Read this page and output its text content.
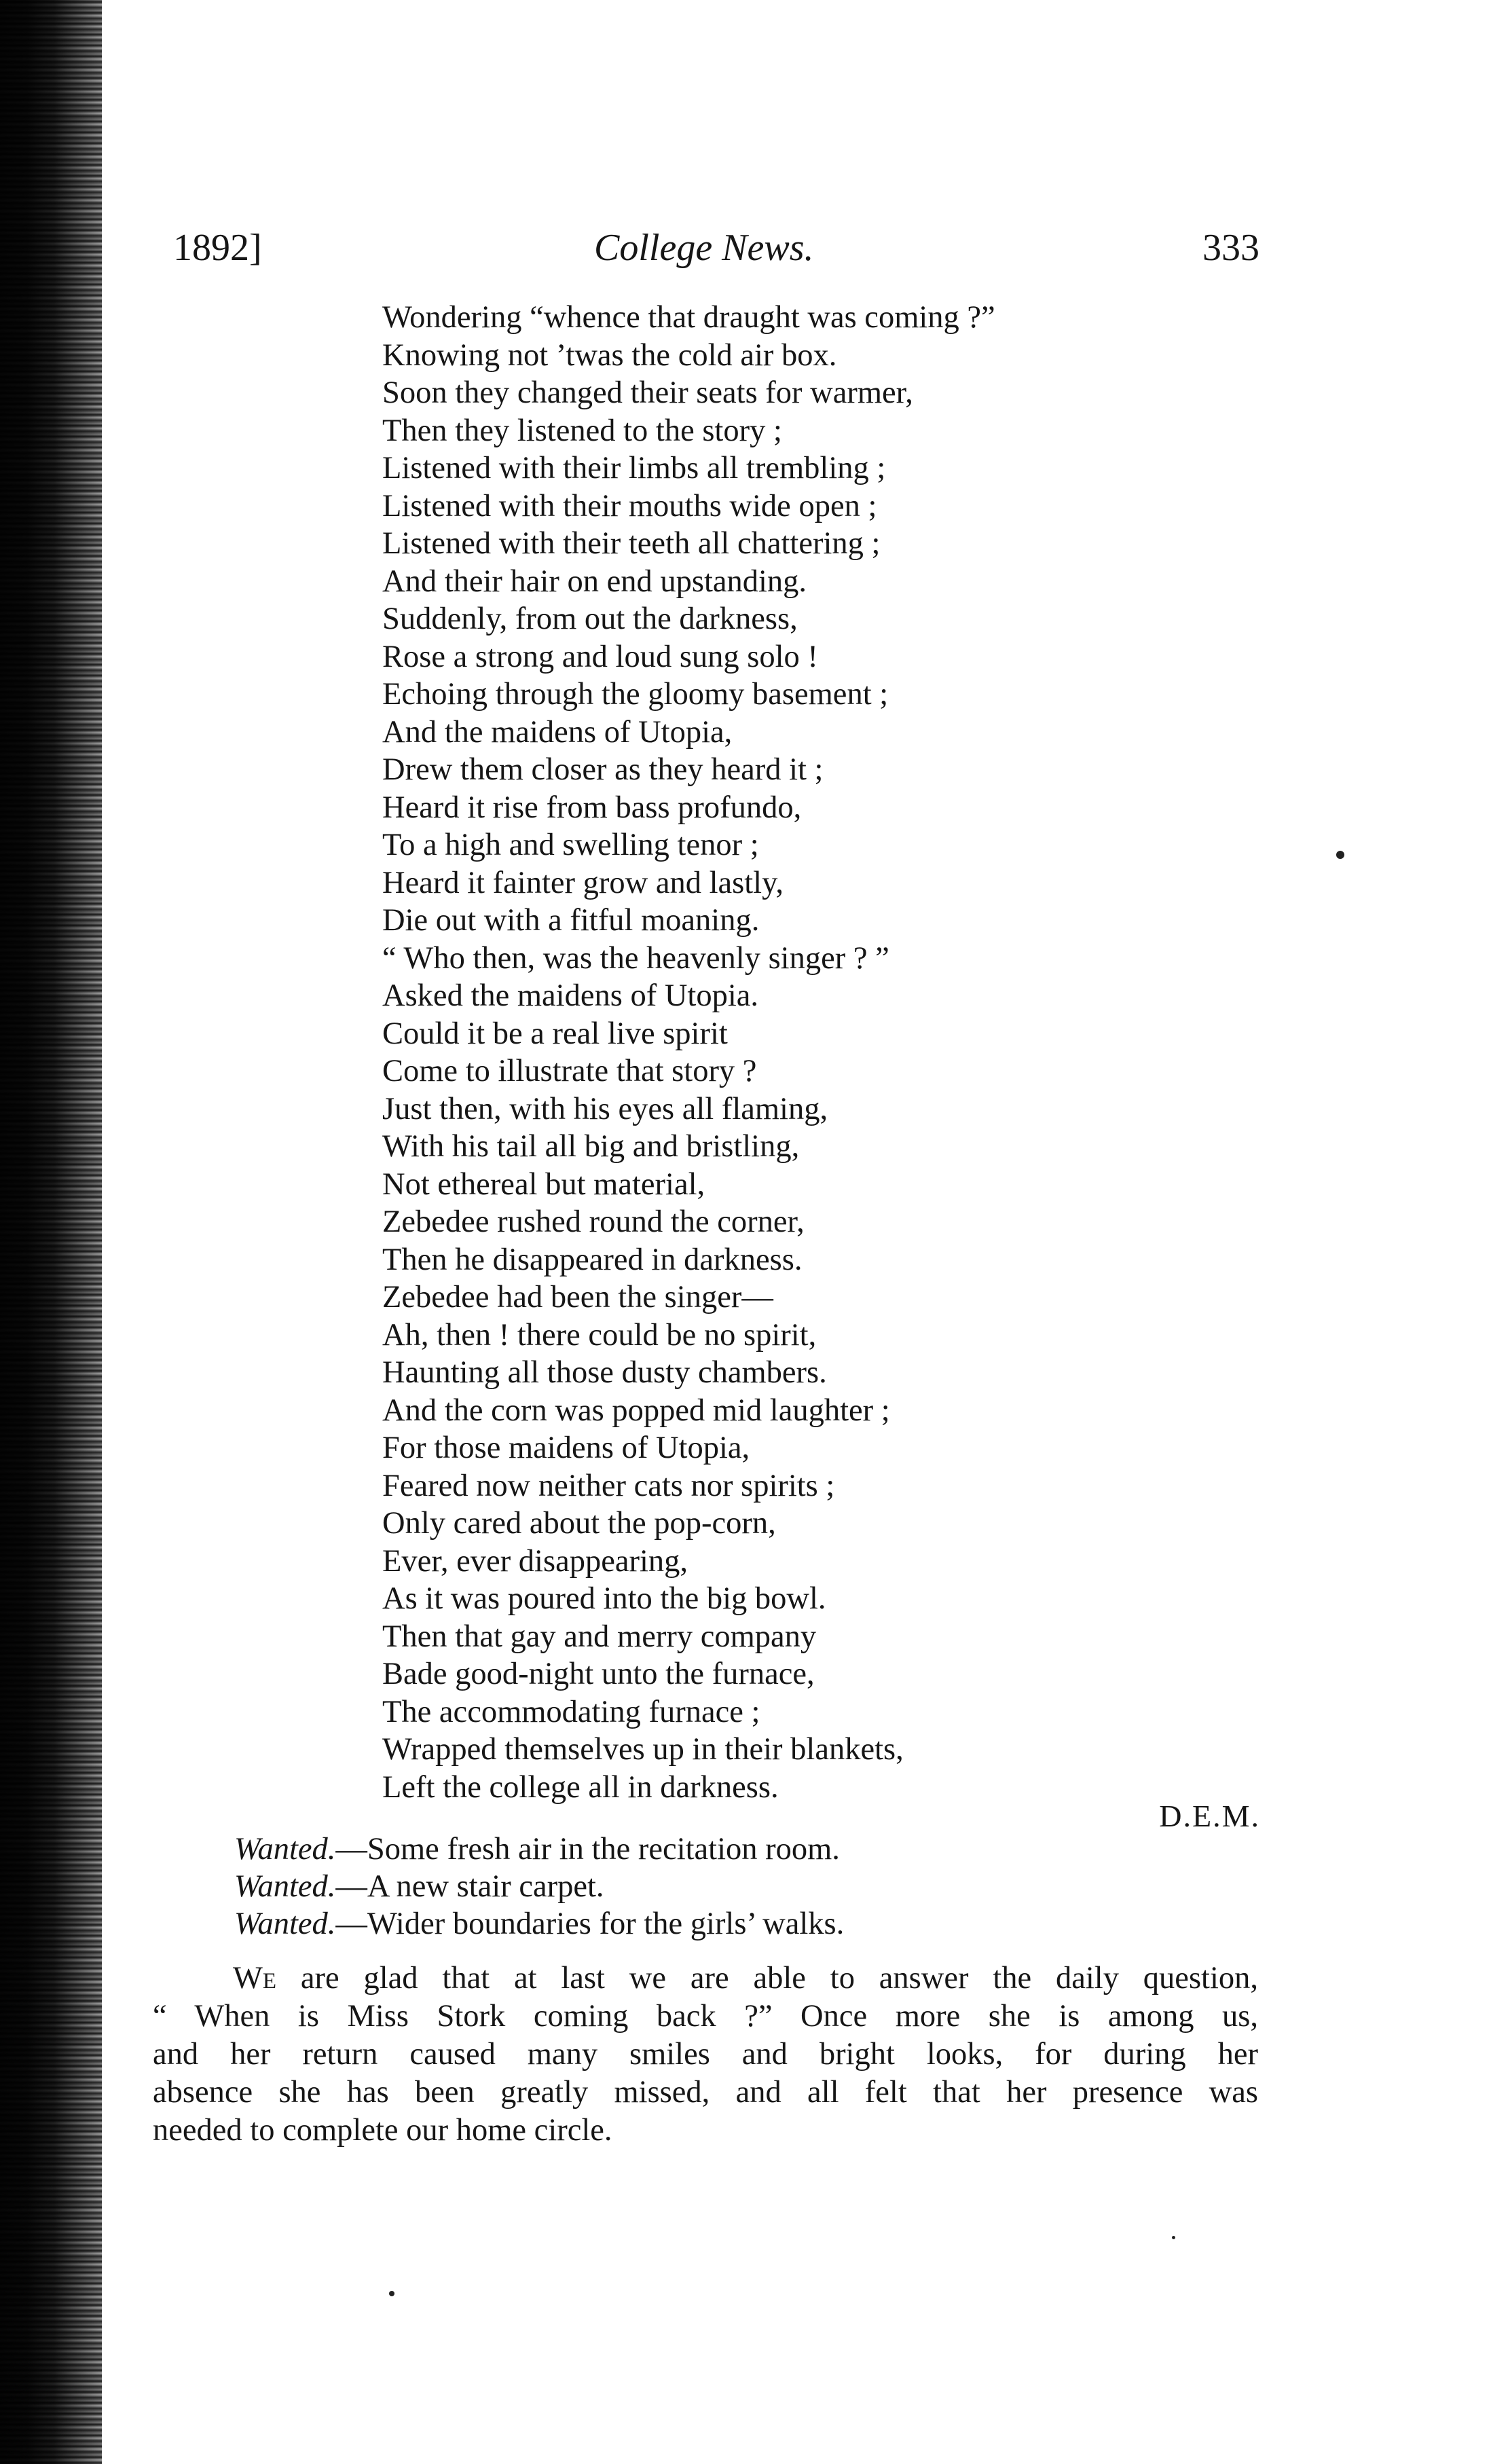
1892]	College News.	333
Wondering “whence that draught was coming ?”
Knowing not ’twas the cold air box.
Soon they changed their seats for warmer,
Then they listened to the story ;
Listened with their limbs all trembling ;
Listened with their mouths wide open ;
Listened with their teeth all chattering ;
And their hair on end upstanding.
Suddenly, from out the darkness,
Rose a strong and loud sung solo !
Echoing through the gloomy basement ;
And the maidens of Utopia,
Drew them closer as they heard it ;
Heard it rise from bass profundo,
To a high and swelling tenor ;
Heard it fainter grow and lastly,
Die out with a fitful moaning.
“ Who then, was the heavenly singer ? ”
Asked the maidens of Utopia.
Could it be a real live spirit
Come to illustrate that story ?
Just then, with his eyes all flaming,
With his tail all big and bristling,
Not ethereal but material,
Zebedee rushed round the corner,
Then he disappeared in darkness.
Zebedee had been the singer—
Ah, then ! there could be no spirit,
Haunting all those dusty chambers.
And the corn was popped mid laughter ;
For those maidens of Utopia,
Feared now neither cats nor spirits ;
Only cared about the pop-corn,
Ever, ever disappearing,
As it was poured into the big bowl.
Then that gay and merry company
Bade good-night unto the furnace,
The accommodating furnace ;
Wrapped themselves up in their blankets,
Left the college all in darkness.
D.E.M.
Wanted.—Some fresh air in the recitation room.
Wanted.—A new stair carpet.
Wanted.—Wider boundaries for the girls’ walks.
We are glad that at last we are able to answer the daily question,
“ When is Miss Stork coming back ?” Once more she is among us,
and her return caused many smiles and bright looks, for during her
absence she has been greatly missed, and all felt that her presence was
needed to complete our home circle.
